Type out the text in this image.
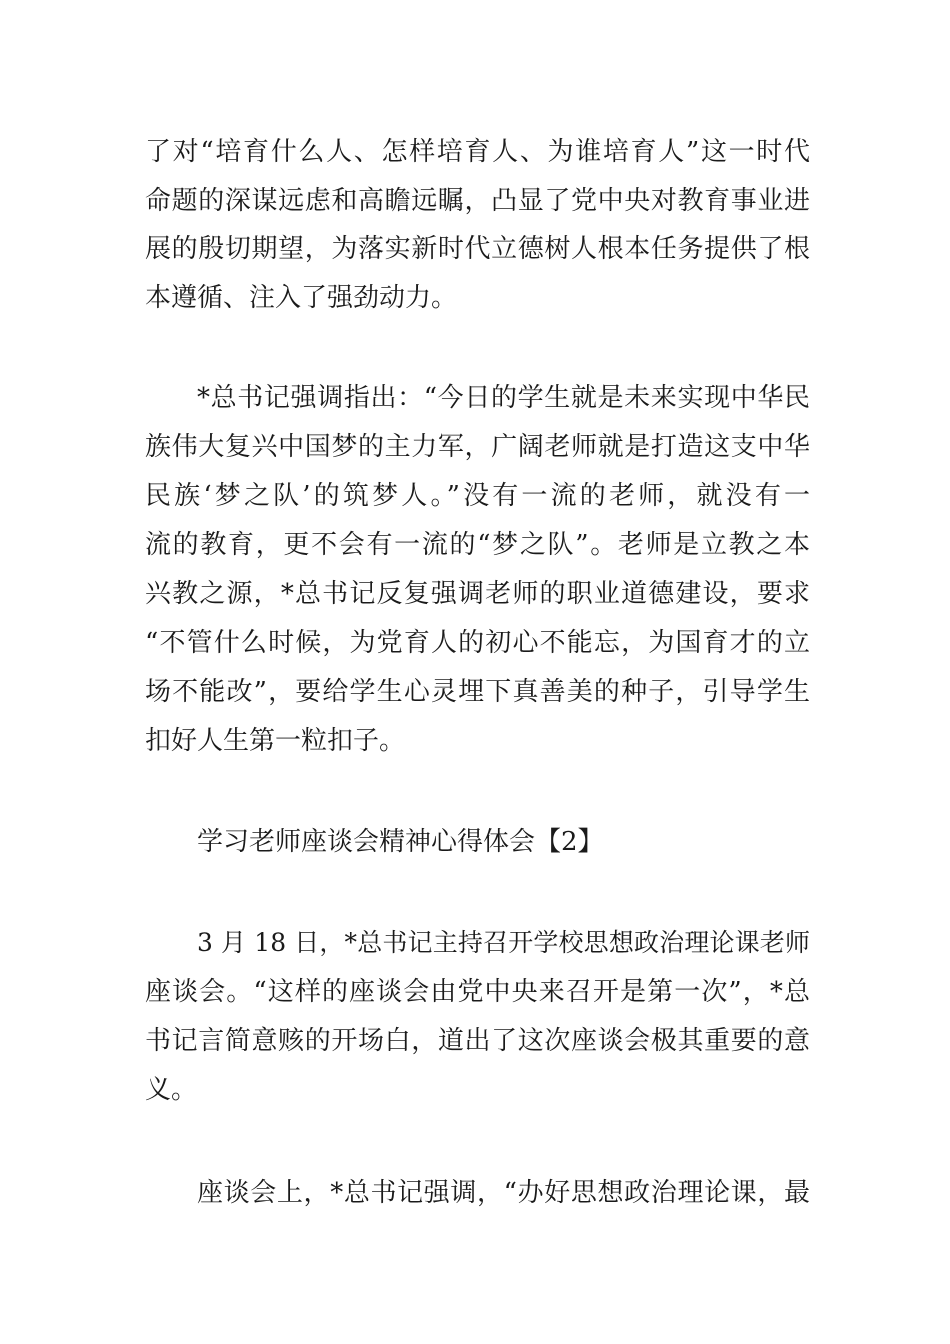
了对“培育什么人、怎样培育人、为谁培育人”这一时代
命题的深谋远虑和高瞻远瞩，凸显了党中央对教育事业进
展的殷切期望，为落实新时代立德树人根本任务提供了根
本遵循、注入了强劲动力。
*总书记强调指出：“今日的学生就是未来实现中华民
族伟大复兴中国梦的主力军，广阔老师就是打造这支中华
民族‘梦之队’的筑梦人。”没有一流的老师，就没有一
流的教育，更不会有一流的“梦之队”。老师是立教之本
兴教之源，*总书记反复强调老师的职业道德建设，要求
“不管什么时候，为党育人的初心不能忘，为国育才的立
场不能改”，要给学生心灵埋下真善美的种子，引导学生
扣好人生第一粒扣子。
学习老师座谈会精神心得体会【2】
3 月 18 日，*总书记主持召开学校思想政治理论课老师
座谈会。“这样的座谈会由党中央来召开是第一次”，*总
书记言简意赅的开场白，道出了这次座谈会极其重要的意
义。
座谈会上，*总书记强调，“办好思想政治理论课，最
